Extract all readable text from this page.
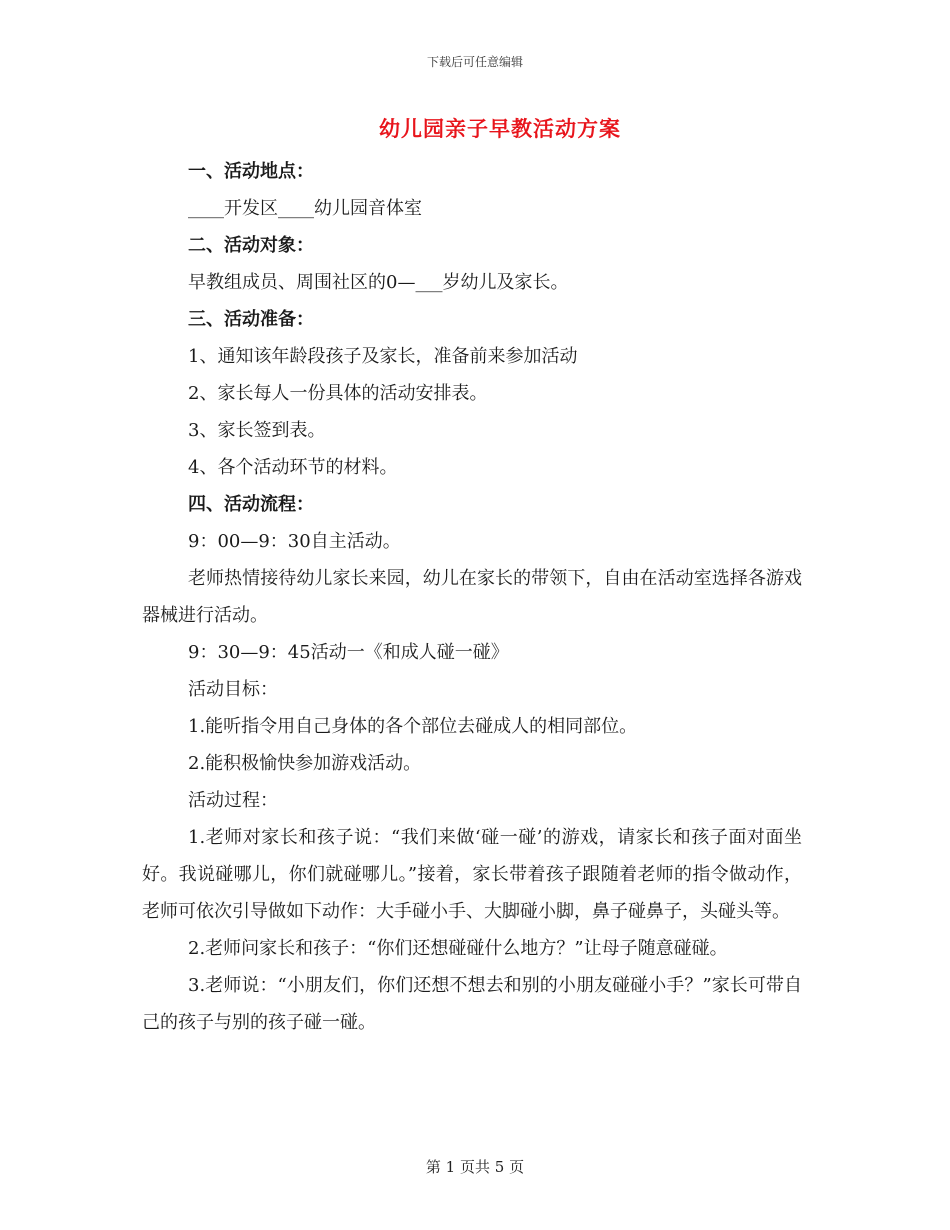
下载后可任意编辑
幼儿园亲子早教活动方案

一、活动地点：

____开发区____幼儿园音体室

二、活动对象：

早教组成员、周围社区的0—___岁幼儿及家长。

三、活动准备：

1、通知该年龄段孩子及家长，准备前来参加活动

2、家长每人一份具体的活动安排表。

3、家长签到表。

4、各个活动环节的材料。

四、活动流程：

9：00—9：30自主活动。

老师热情接待幼儿家长来园，幼儿在家长的带领下，自由在活动室选择各游戏器械进行活动。

9：30—9：45活动一《和成人碰一碰》

活动目标：

1.能听指令用自己身体的各个部位去碰成人的相同部位。

2.能积极愉快参加游戏活动。

活动过程：

1.老师对家长和孩子说：“我们来做‘碰一碰’的游戏，请家长和孩子面对面坐好。我说碰哪儿，你们就碰哪儿。”接着，家长带着孩子跟随着老师的指令做动作，老师可依次引导做如下动作：大手碰小手、大脚碰小脚，鼻子碰鼻子，头碰头等。

2.老师问家长和孩子：“你们还想碰碰什么地方？”让母子随意碰碰。

3.老师说：“小朋友们，你们还想不想去和别的小朋友碰碰小手？”家长可带自己的孩子与别的孩子碰一碰。

第 1 页共 5 页
